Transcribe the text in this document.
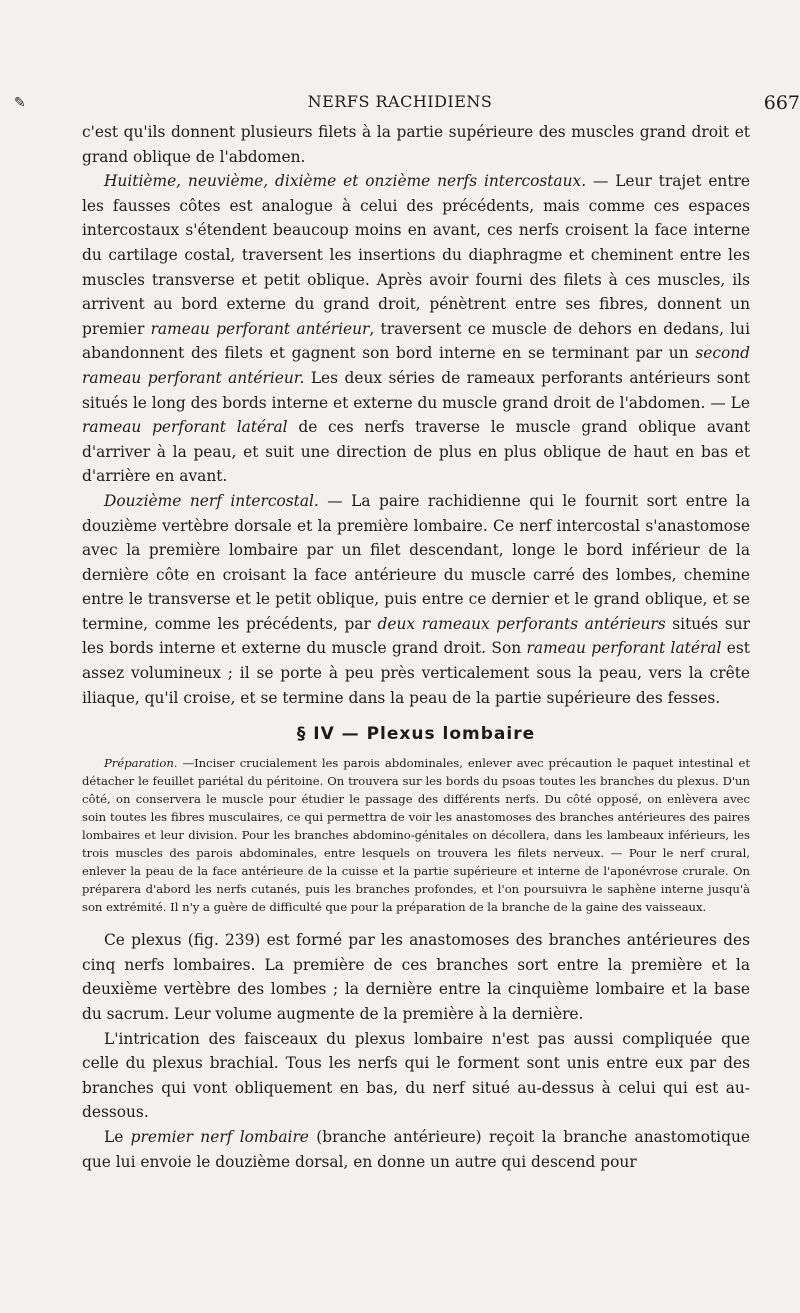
✎	NERFS RACHIDIENS	667

c'est qu'ils donnent plusieurs filets à la partie supérieure des muscles grand droit et grand oblique de l'abdomen.

Huitième, neuvième, dixième et onzième nerfs intercostaux. — Leur trajet entre les fausses côtes est analogue à celui des précédents, mais comme ces espaces intercostaux s'étendent beaucoup moins en avant, ces nerfs croisent la face interne du cartilage costal, traversent les insertions du diaphragme et cheminent entre les muscles transverse et petit oblique. Après avoir fourni des filets à ces muscles, ils arrivent au bord externe du grand droit, pénètrent entre ses fibres, donnent un premier rameau perforant antérieur, traversent ce muscle de dehors en dedans, lui abandonnent des filets et gagnent son bord interne en se terminant par un second rameau perforant antérieur. Les deux séries de rameaux perforants antérieurs sont situés le long des bords interne et externe du muscle grand droit de l'abdomen. — Le rameau perforant latéral de ces nerfs traverse le muscle grand oblique avant d'arriver à la peau, et suit une direction de plus en plus oblique de haut en bas et d'arrière en avant.

Douzième nerf intercostal. — La paire rachidienne qui le fournit sort entre la douzième vertèbre dorsale et la première lombaire. Ce nerf intercostal s'anastomose avec la première lombaire par un filet descendant, longe le bord inférieur de la dernière côte en croisant la face antérieure du muscle carré des lombes, chemine entre le transverse et le petit oblique, puis entre ce dernier et le grand oblique, et se termine, comme les précédents, par deux rameaux perforants antérieurs situés sur les bords interne et externe du muscle grand droit. Son rameau perforant latéral est assez volumineux ; il se porte à peu près verticalement sous la peau, vers la crête iliaque, qu'il croise, et se termine dans la peau de la partie supérieure des fesses.

§ IV — Plexus lombaire

Préparation. —Inciser crucialement les parois abdominales, enlever avec précaution le paquet intestinal et détacher le feuillet pariétal du péritoine. On trouvera sur les bords du psoas toutes les branches du plexus. D'un côté, on conservera le muscle pour étudier le passage des différents nerfs. Du côté opposé, on enlèvera avec soin toutes les fibres musculaires, ce qui permettra de voir les anastomoses des branches antérieures des paires lombaires et leur division. Pour les branches abdomino-génitales on décollera, dans les lambeaux inférieurs, les trois muscles des parois abdominales, entre lesquels on trouvera les filets nerveux. — Pour le nerf crural, enlever la peau de la face antérieure de la cuisse et la partie supérieure et interne de l'aponévrose crurale. On préparera d'abord les nerfs cutanés, puis les branches profondes, et l'on poursuivra le saphène interne jusqu'à son extrémité. Il n'y a guère de difficulté que pour la préparation de la branche de la gaine des vaisseaux.

Ce plexus (fig. 239) est formé par les anastomoses des branches antérieures des cinq nerfs lombaires. La première de ces branches sort entre la première et la deuxième vertèbre des lombes ; la dernière entre la cinquième lombaire et la base du sacrum. Leur volume augmente de la première à la dernière.

L'intrication des faisceaux du plexus lombaire n'est pas aussi compliquée que celle du plexus brachial. Tous les nerfs qui le forment sont unis entre eux par des branches qui vont obliquement en bas, du nerf situé au-dessus à celui qui est au-dessous.

Le premier nerf lombaire (branche antérieure) reçoit la branche anastomotique que lui envoie le douzième dorsal, en donne un autre qui descend pour
